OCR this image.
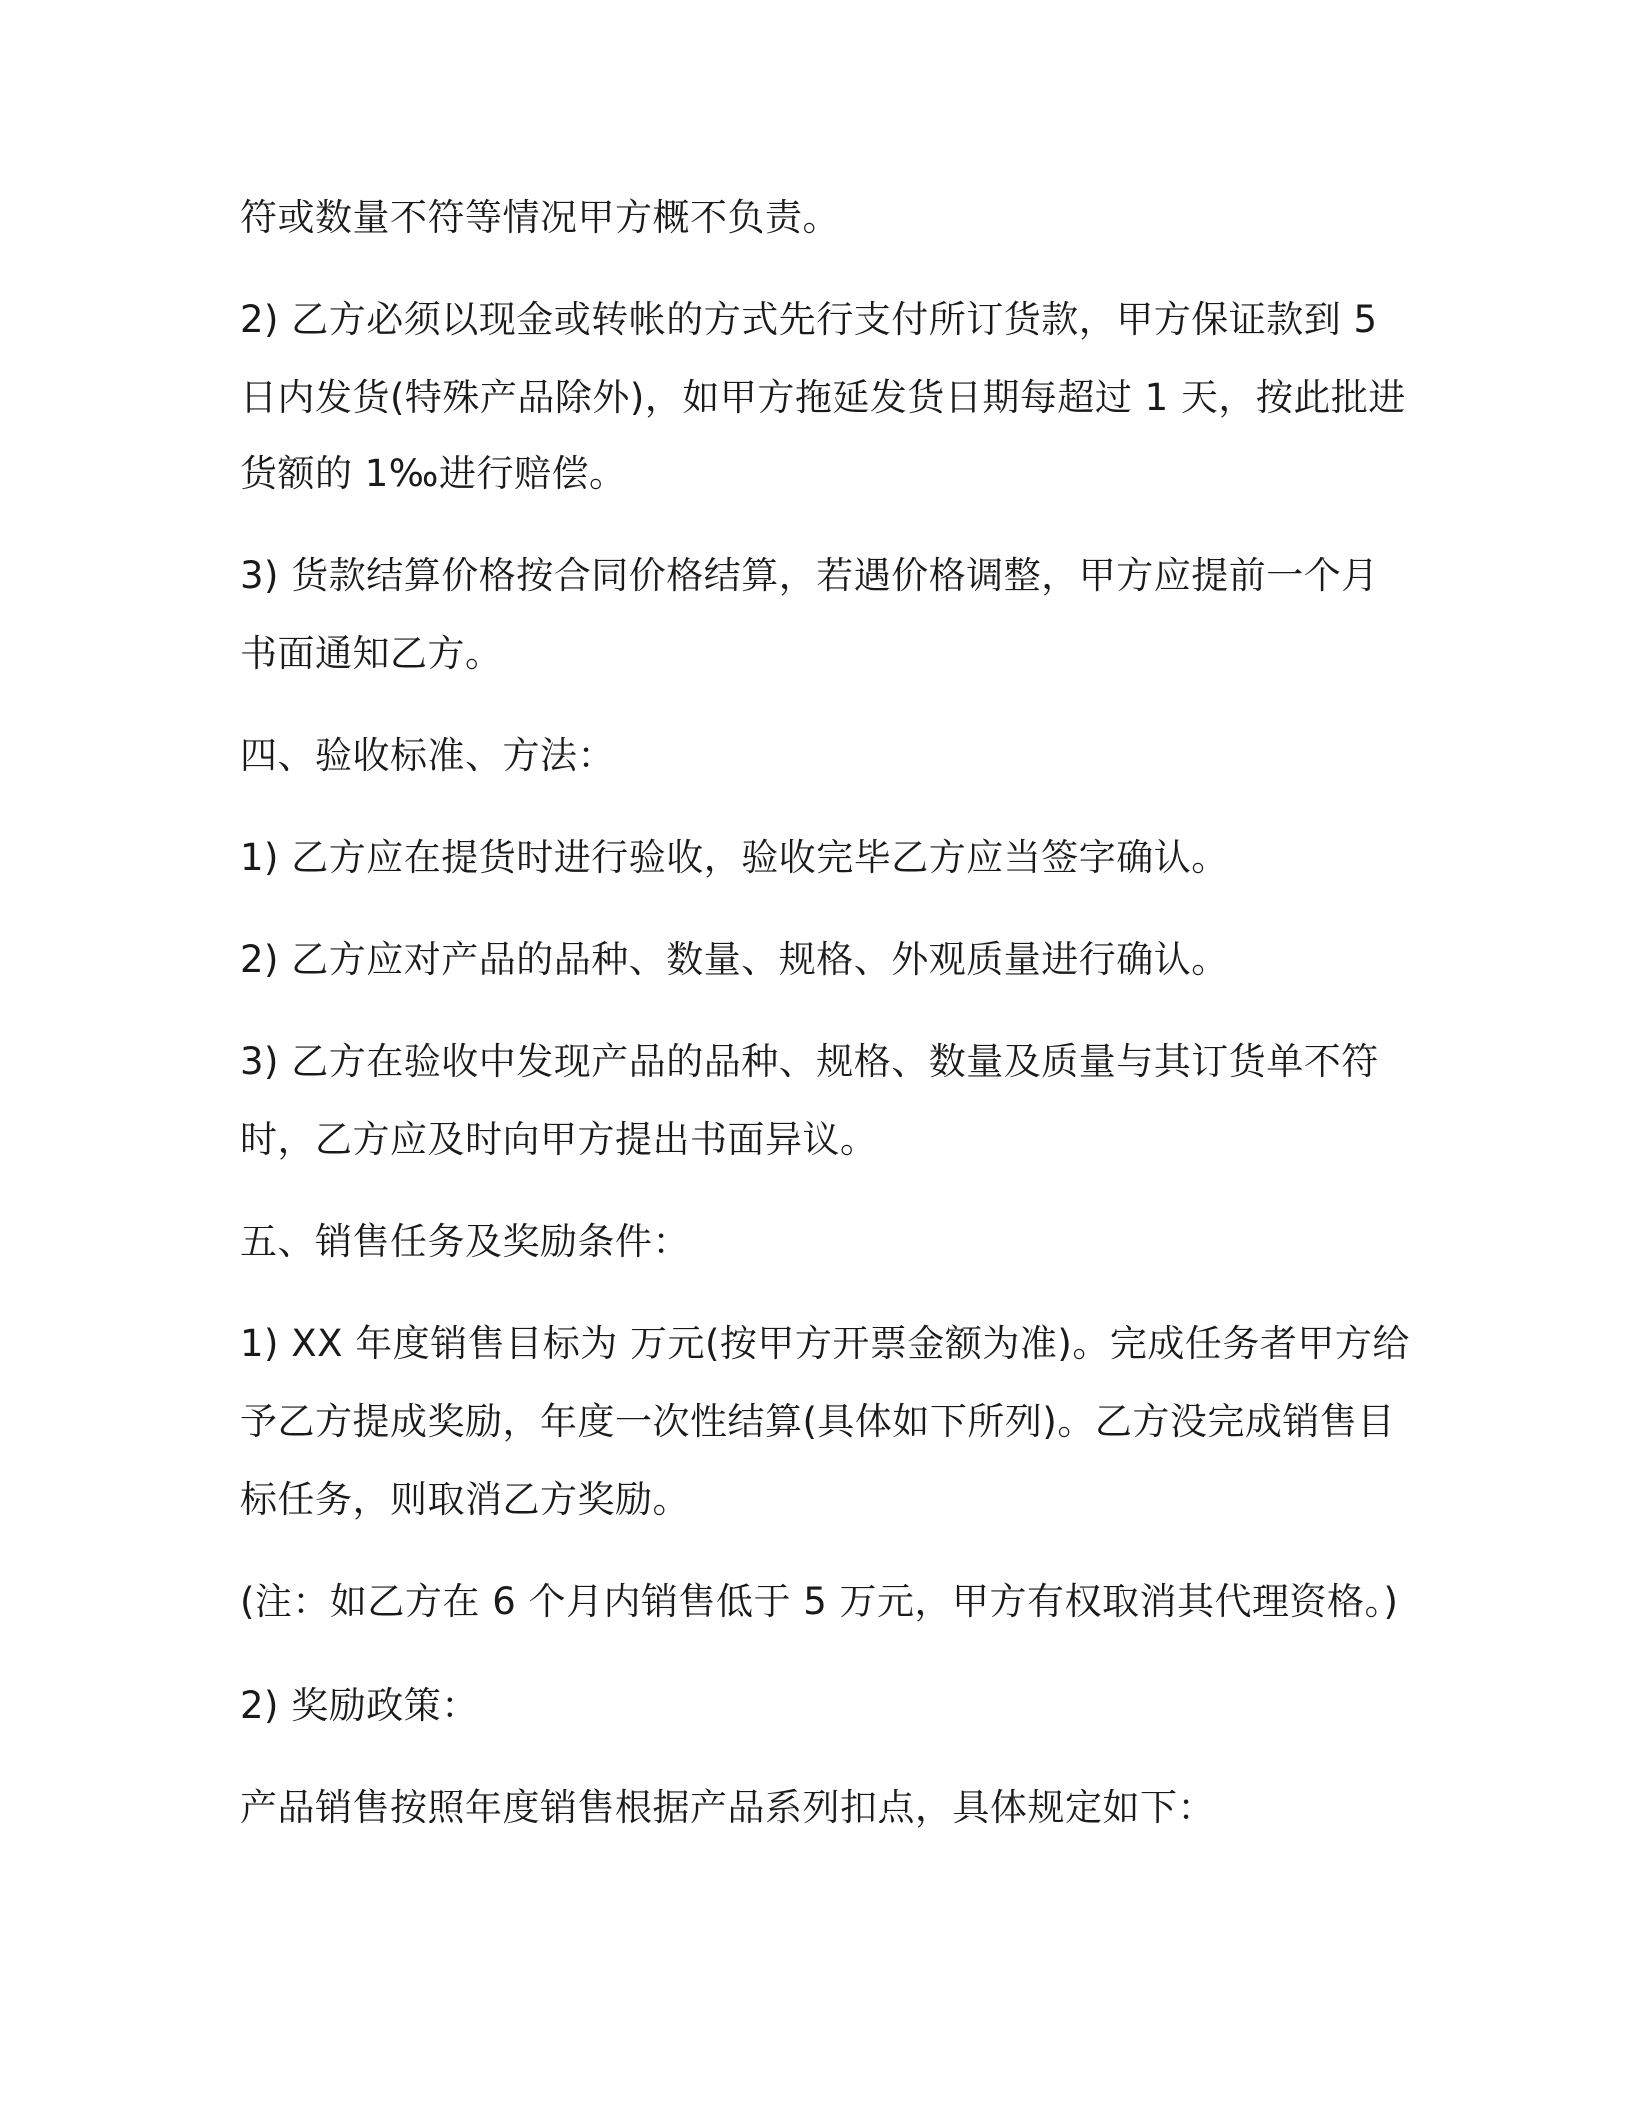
符或数量不符等情况甲方概不负责。
2) 乙方必须以现金或转帐的方式先行支付所订货款，甲方保证款到 5
日内发货(特殊产品除外)，如甲方拖延发货日期每超过 1 天，按此批进
货额的 1‰进行赔偿。
3) 货款结算价格按合同价格结算，若遇价格调整，甲方应提前一个月
书面通知乙方。
四、验收标准、方法：
1) 乙方应在提货时进行验收，验收完毕乙方应当签字确认。
2) 乙方应对产品的品种、数量、规格、外观质量进行确认。
3) 乙方在验收中发现产品的品种、规格、数量及质量与其订货单不符
时，乙方应及时向甲方提出书面异议。
五、销售任务及奖励条件：
1) XX 年度销售目标为 万元(按甲方开票金额为准)。完成任务者甲方给
予乙方提成奖励，年度一次性结算(具体如下所列)。乙方没完成销售目
标任务，则取消乙方奖励。
(注：如乙方在 6 个月内销售低于 5 万元，甲方有权取消其代理资格。)
2) 奖励政策：
产品销售按照年度销售根据产品系列扣点，具体规定如下：
